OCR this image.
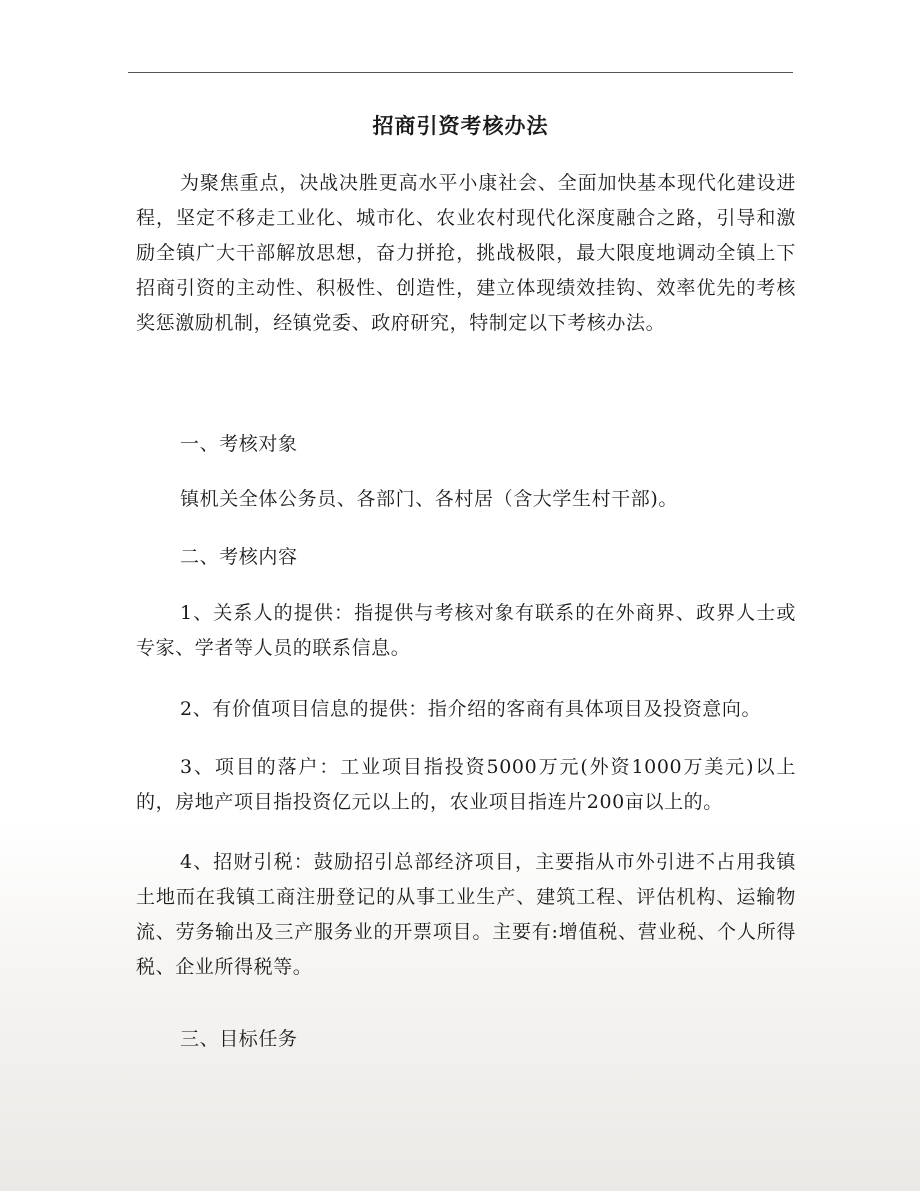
招商引资考核办法

为聚焦重点，决战决胜更高水平小康社会、全面加快基本现代化建设进程，坚定不移走工业化、城市化、农业农村现代化深度融合之路，引导和激励全镇广大干部解放思想，奋力拼抢，挑战极限，最大限度地调动全镇上下招商引资的主动性、积极性、创造性，建立体现绩效挂钩、效率优先的考核奖惩激励机制，经镇党委、政府研究，特制定以下考核办法。

一、考核对象

镇机关全体公务员、各部门、各村居（含大学生村干部)。

二、考核内容

1、关系人的提供：指提供与考核对象有联系的在外商界、政界人士或专家、学者等人员的联系信息。

2、有价值项目信息的提供：指介绍的客商有具体项目及投资意向。

3、项目的落户：工业项目指投资5000万元(外资1000万美元)以上的，房地产项目指投资亿元以上的，农业项目指连片200亩以上的。

4、招财引税：鼓励招引总部经济项目，主要指从市外引进不占用我镇土地而在我镇工商注册登记的从事工业生产、建筑工程、评估机构、运输物流、劳务输出及三产服务业的开票项目。主要有:增值税、营业税、个人所得税、企业所得税等。

三、目标任务
